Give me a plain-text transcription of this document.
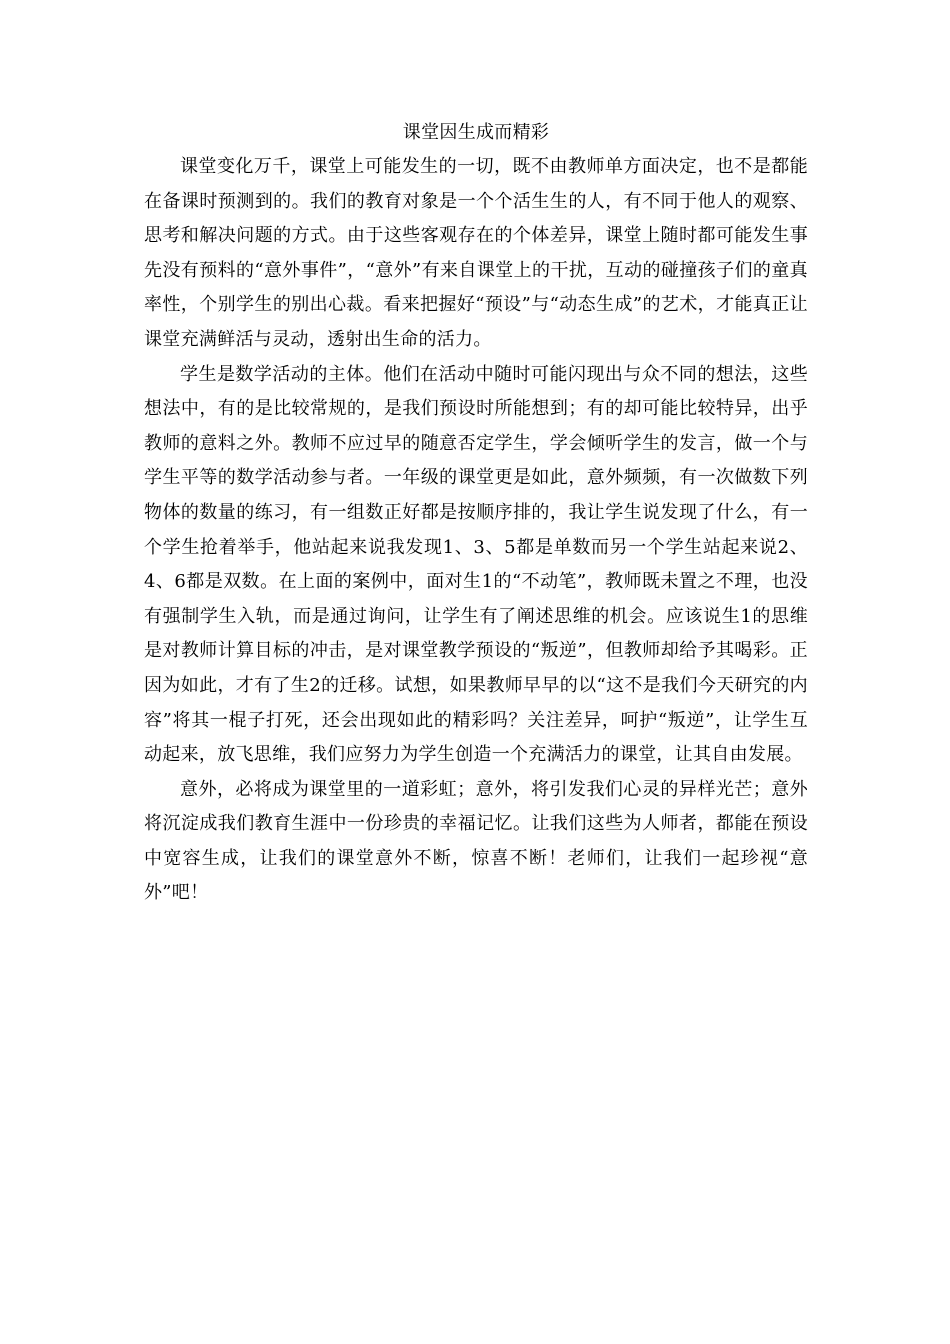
课堂因生成而精彩

课堂变化万千，课堂上可能发生的一切，既不由教师单方面决定，也不是都能在备课时预测到的。我们的教育对象是一个个活生生的人，有不同于他人的观察、思考和解决问题的方式。由于这些客观存在的个体差异，课堂上随时都可能发生事先没有预料的“意外事件”，“意外”有来自课堂上的干扰，互动的碰撞孩子们的童真率性，个别学生的别出心裁。看来把握好“预设”与“动态生成”的艺术，才能真正让课堂充满鲜活与灵动，透射出生命的活力。

学生是数学活动的主体。他们在活动中随时可能闪现出与众不同的想法，这些想法中，有的是比较常规的，是我们预设时所能想到；有的却可能比较特异，出乎教师的意料之外。教师不应过早的随意否定学生，学会倾听学生的发言，做一个与学生平等的数学活动参与者。一年级的课堂更是如此，意外频频，有一次做数下列物体的数量的练习，有一组数正好都是按顺序排的，我让学生说发现了什么，有一个学生抢着举手，他站起来说我发现1、3、5都是单数而另一个学生站起来说2、4、6都是双数。在上面的案例中，面对生1的“不动笔”，教师既未置之不理，也没有强制学生入轨，而是通过询问，让学生有了阐述思维的机会。应该说生1的思维是对教师计算目标的冲击，是对课堂教学预设的“叛逆”，但教师却给予其喝彩。正因为如此，才有了生2的迁移。试想，如果教师早早的以“这不是我们今天研究的内容”将其一棍子打死，还会出现如此的精彩吗？关注差异，呵护“叛逆”，让学生互动起来，放飞思维，我们应努力为学生创造一个充满活力的课堂，让其自由发展。

意外，必将成为课堂里的一道彩虹；意外，将引发我们心灵的异样光芒；意外将沉淀成我们教育生涯中一份珍贵的幸福记忆。让我们这些为人师者，都能在预设中宽容生成，让我们的课堂意外不断，惊喜不断！老师们，让我们一起珍视“意外”吧！
